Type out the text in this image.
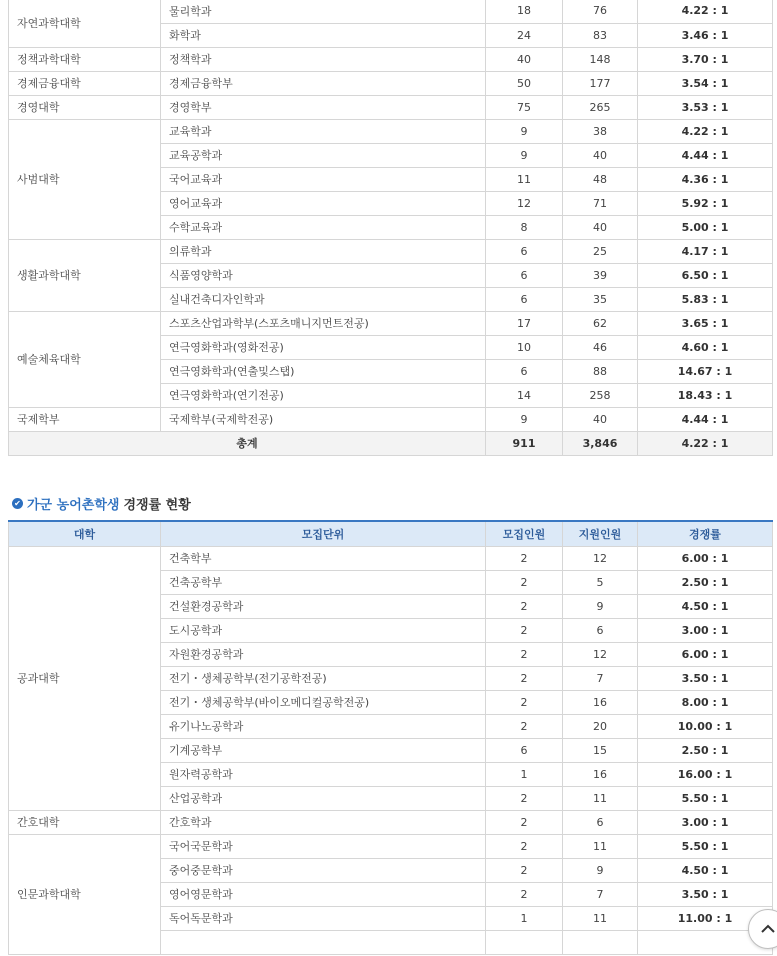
자연과학대학	물리학과	18	76	4.22 : 1
	화학과	24	83	3.46 : 1
정책과학대학	정책학과	40	148	3.70 : 1
경제금융대학	경제금융학부	50	177	3.54 : 1
경영대학	경영학부	75	265	3.53 : 1
사범대학	교육학과	9	38	4.22 : 1
	교육공학과	9	40	4.44 : 1
	국어교육과	11	48	4.36 : 1
	영어교육과	12	71	5.92 : 1
	수학교육과	8	40	5.00 : 1
생활과학대학	의류학과	6	25	4.17 : 1
	식품영양학과	6	39	6.50 : 1
	실내건축디자인학과	6	35	5.83 : 1
예술체육대학	스포츠산업과학부(스포츠매니지먼트전공)	17	62	3.65 : 1
	연극영화학과(영화전공)	10	46	4.60 : 1
	연극영화학과(연출및스탭)	6	88	14.67 : 1
	연극영화학과(연기전공)	14	258	18.43 : 1
국제학부	국제학부(국제학전공)	9	40	4.44 : 1
총계		911	3,846	4.22 : 1
✔ 가군 농어촌학생 경쟁률 현황
대학	모집단위	모집인원	지원인원	경쟁률
공과대학	건축학부	2	12	6.00 : 1
	건축공학부	2	5	2.50 : 1
	건설환경공학과	2	9	4.50 : 1
	도시공학과	2	6	3.00 : 1
	자원환경공학과	2	12	6.00 : 1
	전기・생체공학부(전기공학전공)	2	7	3.50 : 1
	전기・생체공학부(바이오메디컬공학전공)	2	16	8.00 : 1
	유기나노공학과	2	20	10.00 : 1
	기계공학부	6	15	2.50 : 1
	원자력공학과	1	16	16.00 : 1
	산업공학과	2	11	5.50 : 1
간호대학	간호학과	2	6	3.00 : 1
인문과학대학	국어국문학과	2	11	5.50 : 1
	중어중문학과	2	9	4.50 : 1
	영어영문학과	2	7	3.50 : 1
	독어독문학과	1	11	11.00 : 1
